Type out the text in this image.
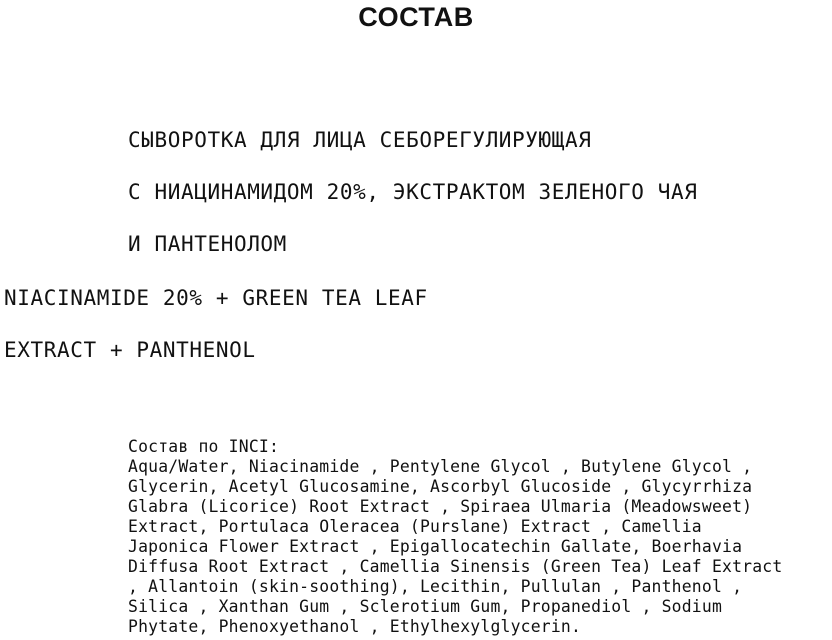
СОСТАВ

СЫВОРОТКА ДЛЯ ЛИЦА СЕБОРЕГУЛИРУЮЩАЯ

С НИАЦИНАМИДОМ 20%, ЭКСТРАКТОМ ЗЕЛЕНОГО ЧАЯ

И ПАНТЕНОЛОМ

NIACINAMIDE 20% + GREEN TEA LEAF

EXTRACT + PANTHENOL

Состав по INCI:
Aqua/Water, Niacinamide , Pentylene Glycol , Butylene Glycol ,
Glycerin, Acetyl Glucosamine, Ascorbyl Glucoside , Glycyrrhiza
Glabra (Licorice) Root Extract , Spiraea Ulmaria (Meadowsweet)
Extract, Portulaca Oleracea (Purslane) Extract , Camellia
Japonica Flower Extract , Epigallocatechin Gallate, Boerhavia
Diffusa Root Extract , Camellia Sinensis (Green Tea) Leaf Extract
, Allantoin (skin-soothing), Lecithin, Pullulan , Panthenol ,
Silica , Xanthan Gum , Sclerotium Gum, Propanediol , Sodium
Phytate, Phenoxyethanol , Ethylhexylglycerin.
